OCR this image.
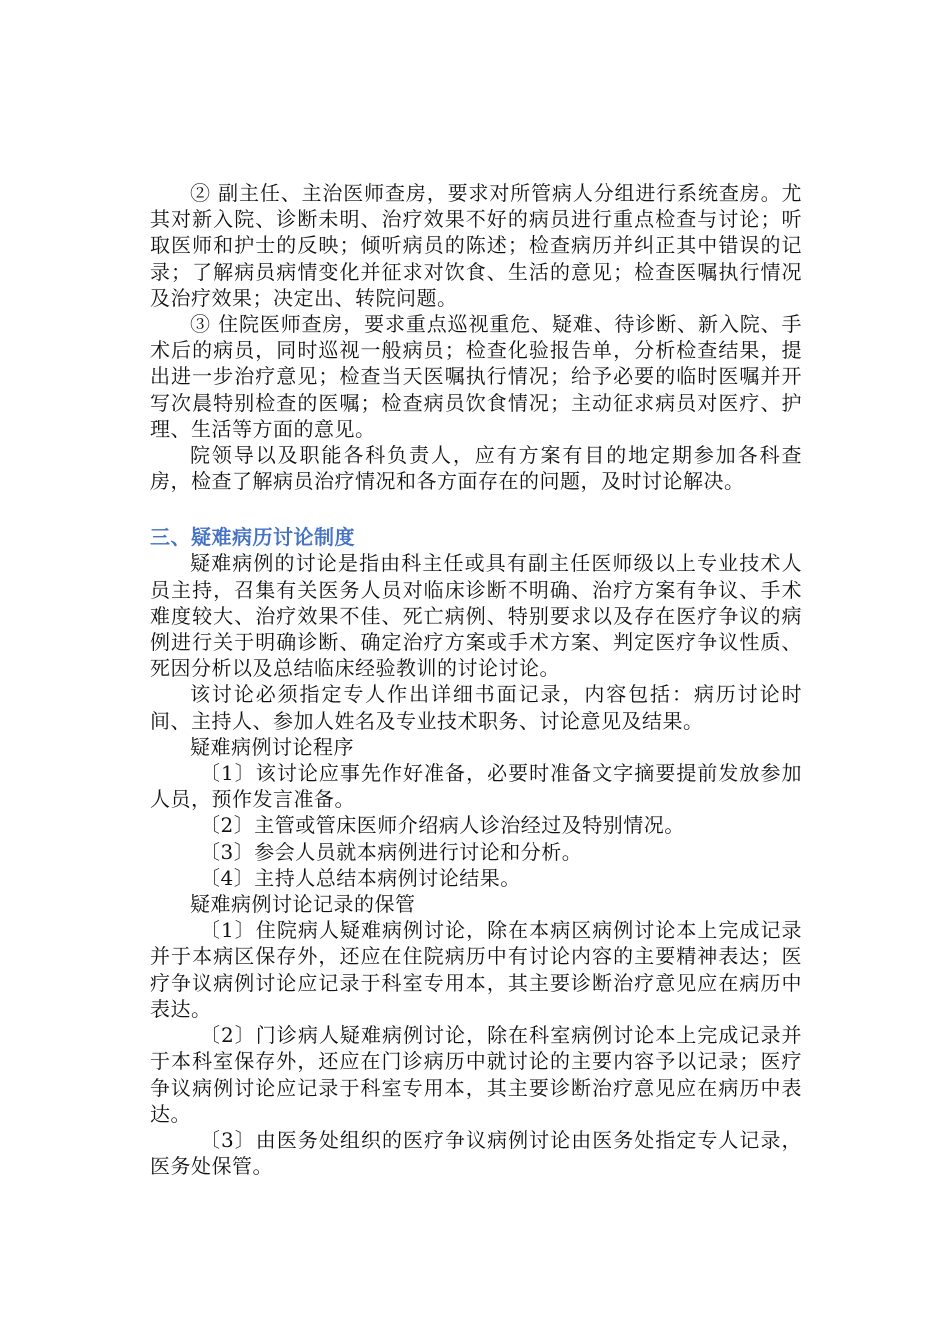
② 副主任、主治医师查房，要求对所管病人分组进行系统查房。尤其对新入院、诊断未明、治疗效果不好的病员进行重点检查与讨论；听取医师和护士的反映；倾听病员的陈述；检查病历并纠正其中错误的记录；了解病员病情变化并征求对饮食、生活的意见；检查医嘱执行情况及治疗效果；决定出、转院问题。

③ 住院医师查房，要求重点巡视重危、疑难、待诊断、新入院、手术后的病员，同时巡视一般病员；检查化验报告单，分析检查结果，提出进一步治疗意见；检查当天医嘱执行情况；给予必要的临时医嘱并开写次晨特别检查的医嘱；检查病员饮食情况；主动征求病员对医疗、护理、生活等方面的意见。

院领导以及职能各科负责人，应有方案有目的地定期参加各科查房，检查了解病员治疗情况和各方面存在的问题，及时讨论解决。

三、疑难病历讨论制度

疑难病例的讨论是指由科主任或具有副主任医师级以上专业技术人员主持，召集有关医务人员对临床诊断不明确、治疗方案有争议、手术难度较大、治疗效果不佳、死亡病例、特别要求以及存在医疗争议的病例进行关于明确诊断、确定治疗方案或手术方案、判定医疗争议性质、死因分析以及总结临床经验教训的讨论讨论。

该讨论必须指定专人作出详细书面记录，内容包括：病历讨论时间、主持人、参加人姓名及专业技术职务、讨论意见及结果。

疑难病例讨论程序

〔1〕该讨论应事先作好准备，必要时准备文字摘要提前发放参加人员，预作发言准备。

〔2〕主管或管床医师介绍病人诊治经过及特别情况。

〔3〕参会人员就本病例进行讨论和分析。

〔4〕主持人总结本病例讨论结果。

疑难病例讨论记录的保管

〔1〕住院病人疑难病例讨论，除在本病区病例讨论本上完成记录并于本病区保存外，还应在住院病历中有讨论内容的主要精神表达；医疗争议病例讨论应记录于科室专用本，其主要诊断治疗意见应在病历中表达。

〔2〕门诊病人疑难病例讨论，除在科室病例讨论本上完成记录并于本科室保存外，还应在门诊病历中就讨论的主要内容予以记录；医疗争议病例讨论应记录于科室专用本，其主要诊断治疗意见应在病历中表达。

〔3〕由医务处组织的医疗争议病例讨论由医务处指定专人记录，医务处保管。
